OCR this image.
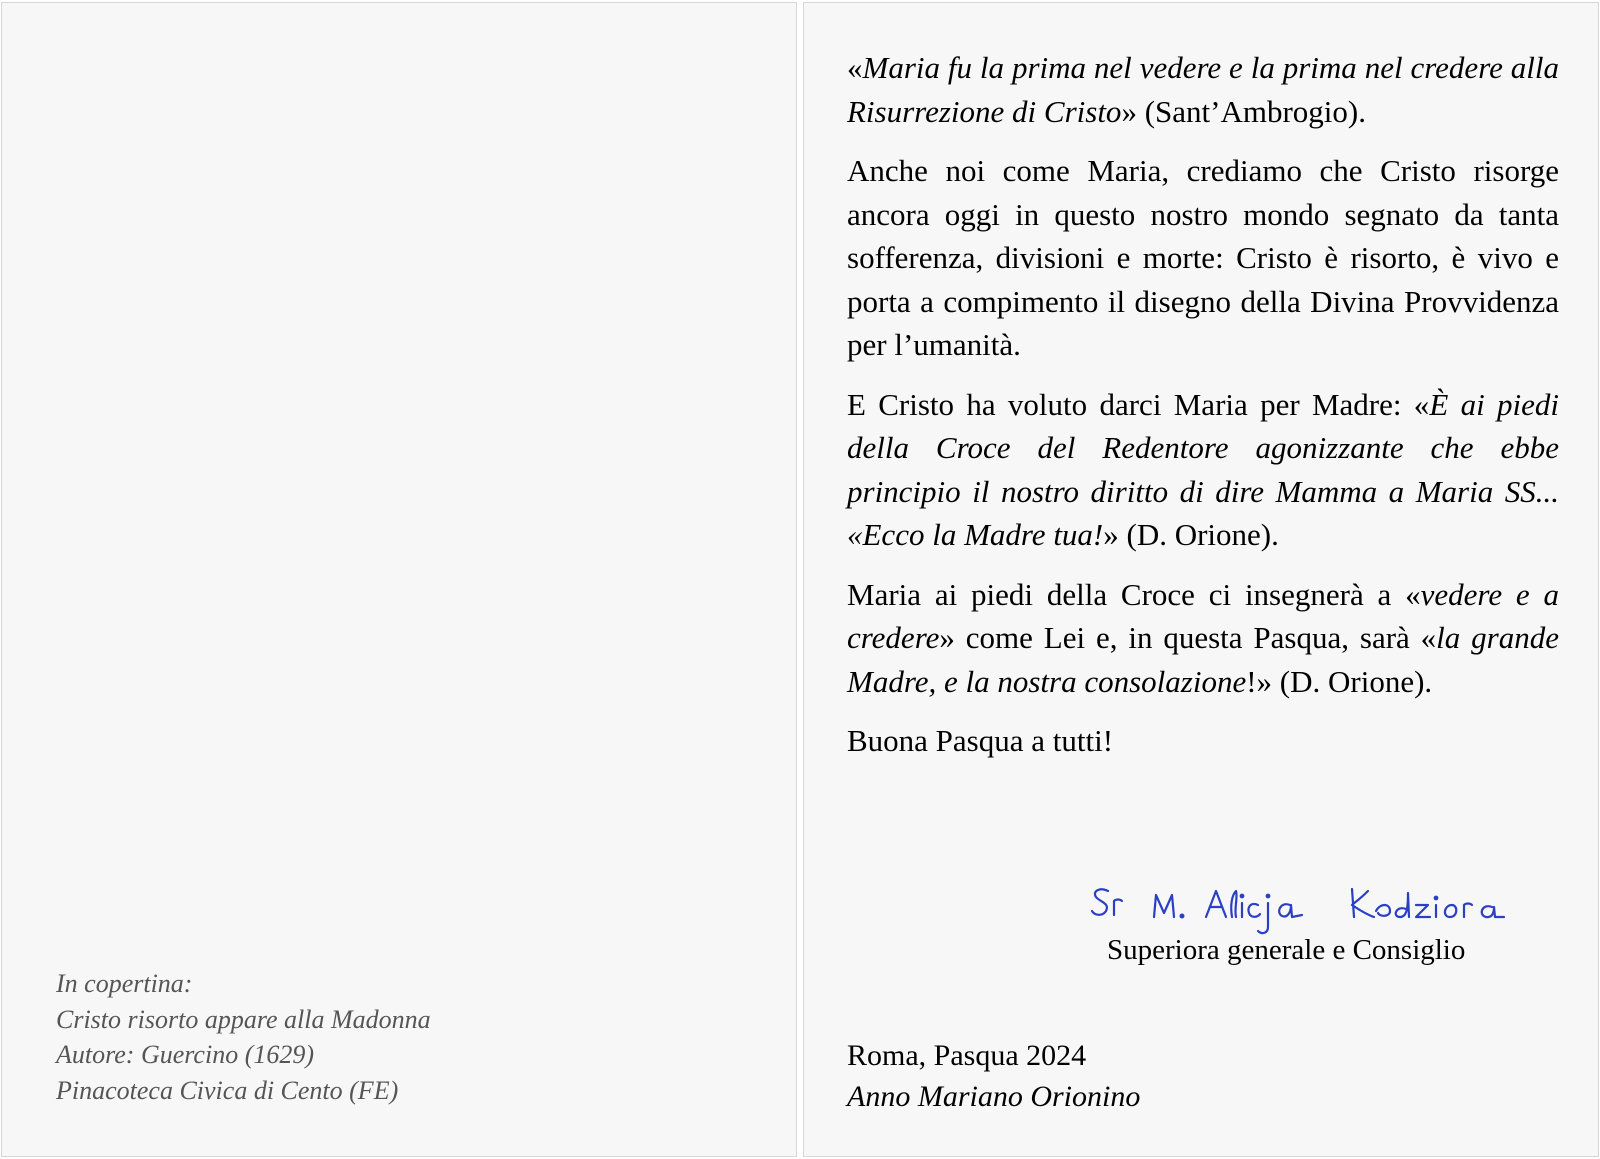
In copertina:
Cristo risorto appare alla Madonna
Autore: Guercino (1629)
Pinacoteca Civica di Cento (FE)

«Maria fu la prima nel vedere e la prima nel credere alla Risurrezione di Cristo» (Sant’Ambrogio).

Anche noi come Maria, crediamo che Cristo risorge ancora oggi in questo nostro mondo segnato da tanta sofferenza, divisioni e morte: Cristo è risorto, è vivo e porta a compimento il disegno della Divina Provvidenza per l’umanità.

E Cristo ha voluto darci Maria per Madre: «È ai piedi della Croce del Redentore agonizzante che ebbe principio il nostro diritto di dire Mamma a Maria SS... «Ecco la Madre tua!» (D. Orione).

Maria ai piedi della Croce ci insegnerà a «vedere e a credere» come Lei e, in questa Pasqua, sarà «la grande Madre, e la nostra consolazione!» (D. Orione).

Buona Pasqua a tutti!

Superiora generale e Consiglio
Roma, Pasqua 2024
Anno Mariano Orionino
